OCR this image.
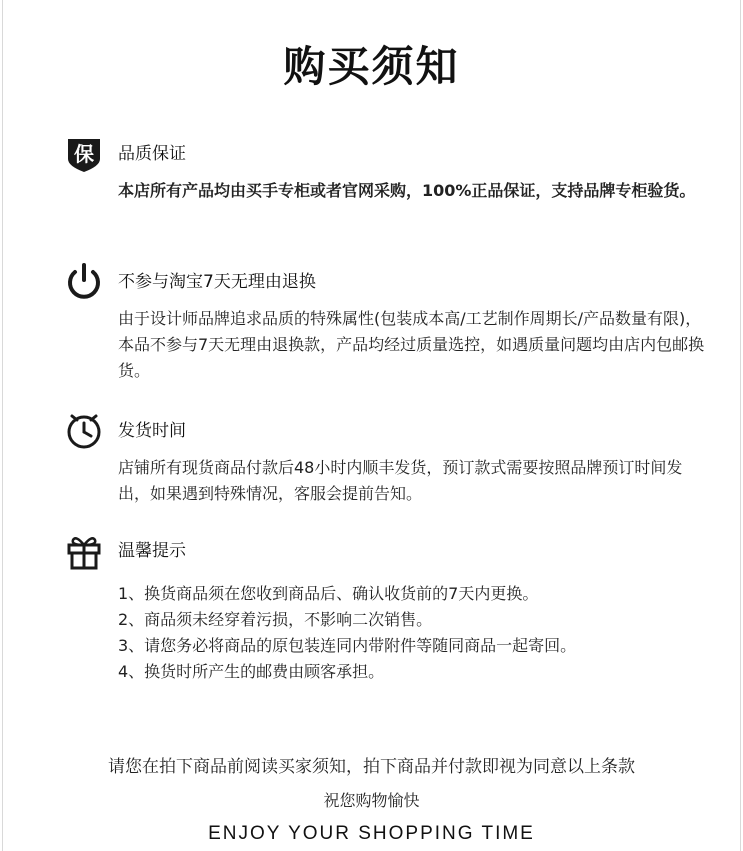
购买须知
保 品质保证

本店所有产品均由买手专柜或者官网采购，100%正品保证，支持品牌专柜验货。

不参与淘宝7天无理由退换

由于设计师品牌追求品质的特殊属性(包装成本高/工艺制作周期长/产品数量有限)，本品不参与7天无理由退换款，产品均经过质量选控，如遇质量问题均由店内包邮换货。

发货时间

店铺所有现货商品付款后48小时内顺丰发货，预订款式需要按照品牌预订时间发出，如果遇到特殊情况，客服会提前告知。

温馨提示

1、换货商品须在您收到商品后、确认收货前的7天内更换。

2、商品须未经穿着污损，不影响二次销售。

3、请您务必将商品的原包装连同内带附件等随同商品一起寄回。

4、换货时所产生的邮费由顾客承担。

请您在拍下商品前阅读买家须知，拍下商品并付款即视为同意以上条款
祝您购物愉快
ENJOY YOUR SHOPPING TIME
